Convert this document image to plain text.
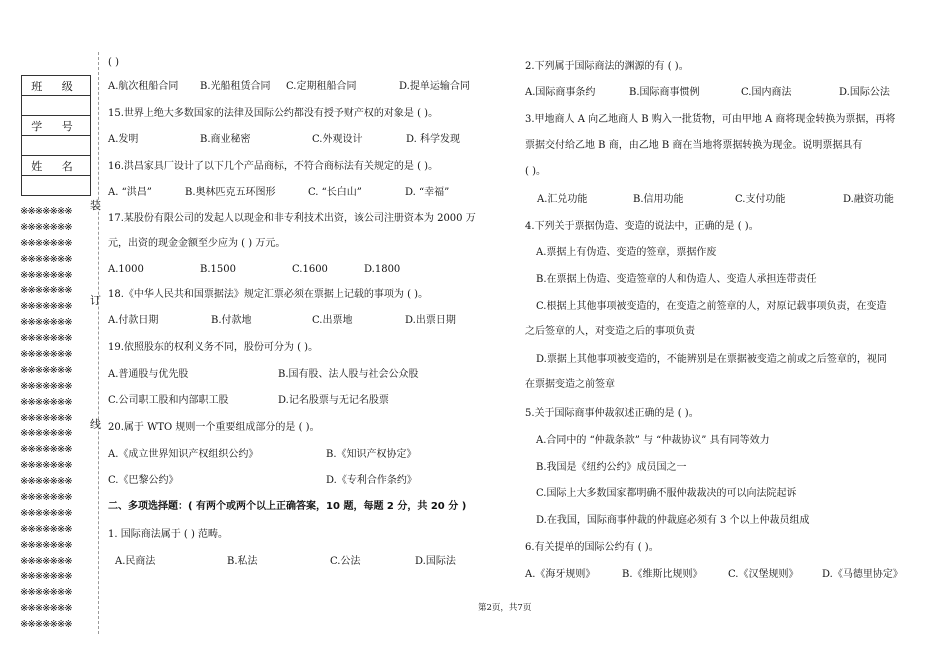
班 级

学 号

姓 名

※※※※※※※
※※※※※※※
※※※※※※※
※※※※※※※
※※※※※※※
※※※※※※※
※※※※※※※
※※※※※※※
※※※※※※※
※※※※※※※
※※※※※※※
※※※※※※※
※※※※※※※
※※※※※※※
※※※※※※※
※※※※※※※
※※※※※※※
※※※※※※※
※※※※※※※
※※※※※※※
※※※※※※※
※※※※※※※
※※※※※※※
※※※※※※※
※※※※※※※
※※※※※※※
※※※※※※※
装
订
线
( )
A.航次租船合同 B.光船租赁合同 C.定期租船合同	D.提单运输合同
15.世界上绝大多数国家的法律及国际公约都没有授予财产权的对象是 ( )。
A.发明	B.商业秘密	C.外观设计	D. 科学发现
16.洪昌家具厂设计了以下几个产品商标，不符合商标法有关规定的是 ( )。
A. “洪昌”	B.奥林匹克五环图形	C. “长白山”	D. “幸福”
17.某股份有限公司的发起人以现金和非专利技术出资，该公司注册资本为 2000 万
元，出资的现金金额至少应为 ( ) 万元。
A.1000	B.1500	C.1600	D.1800
18.《中华人民共和国票据法》规定汇票必须在票据上记载的事项为 ( )。
A.付款日期	B.付款地	C.出票地	D.出票日期
19.依照股东的权利义务不同，股份可分为 ( )。
A.普通股与优先股	B.国有股、法人股与社会公众股
C.公司职工股和内部职工股	D.记名股票与无记名股票
20.属于 WTO 规则一个重要组成部分的是 ( )。
A.《成立世界知识产权组织公约》	B.《知识产权协定》
C.《巴黎公约》	D.《专利合作条约》
二、多项选择题：( 有两个或两个以上正确答案，10 题，每题 2 分，共 20 分 )
1. 国际商法属于 ( ) 范畴。
A.民商法	B.私法	C.公法	D.国际法
2.下列属于国际商法的渊源的有 ( )。
A.国际商事条约	B.国际商事惯例	C.国内商法	D.国际公法
3.甲地商人 A 向乙地商人 B 购入一批货物，可由甲地 A 商将现金转换为票据，再将
票据交付给乙地 B 商，由乙地 B 商在当地将票据转换为现金。说明票据具有
( )。
A.汇兑功能	B.信用功能	C.支付功能	D.融资功能
4.下列关于票据伪造、变造的说法中，正确的是 ( )。
A.票据上有伪造、变造的签章，票据作废
B.在票据上伪造、变造签章的人和伪造人、变造人承担连带责任
C.根据上其他事项被变造的，在变造之前签章的人，对原记载事项负责，在变造
之后签章的人，对变造之后的事项负责
D.票据上其他事项被变造的，不能辨别是在票据被变造之前或之后签章的，视同
在票据变造之前签章
5.关于国际商事仲裁叙述正确的是 ( )。
A.合同中的 “仲裁条款” 与 “仲裁协议” 具有同等效力
B.我国是《纽约公约》成员国之一
C.国际上大多数国家都明确不服仲裁裁决的可以向法院起诉
D.在我国，国际商事仲裁的仲裁庭必须有 3 个以上仲裁员组成
6.有关提单的国际公约有 ( )。
A.《海牙规则》	B.《维斯比规则》	C.《汉堡规则》 D.《马德里协定》
第2页，共7页
